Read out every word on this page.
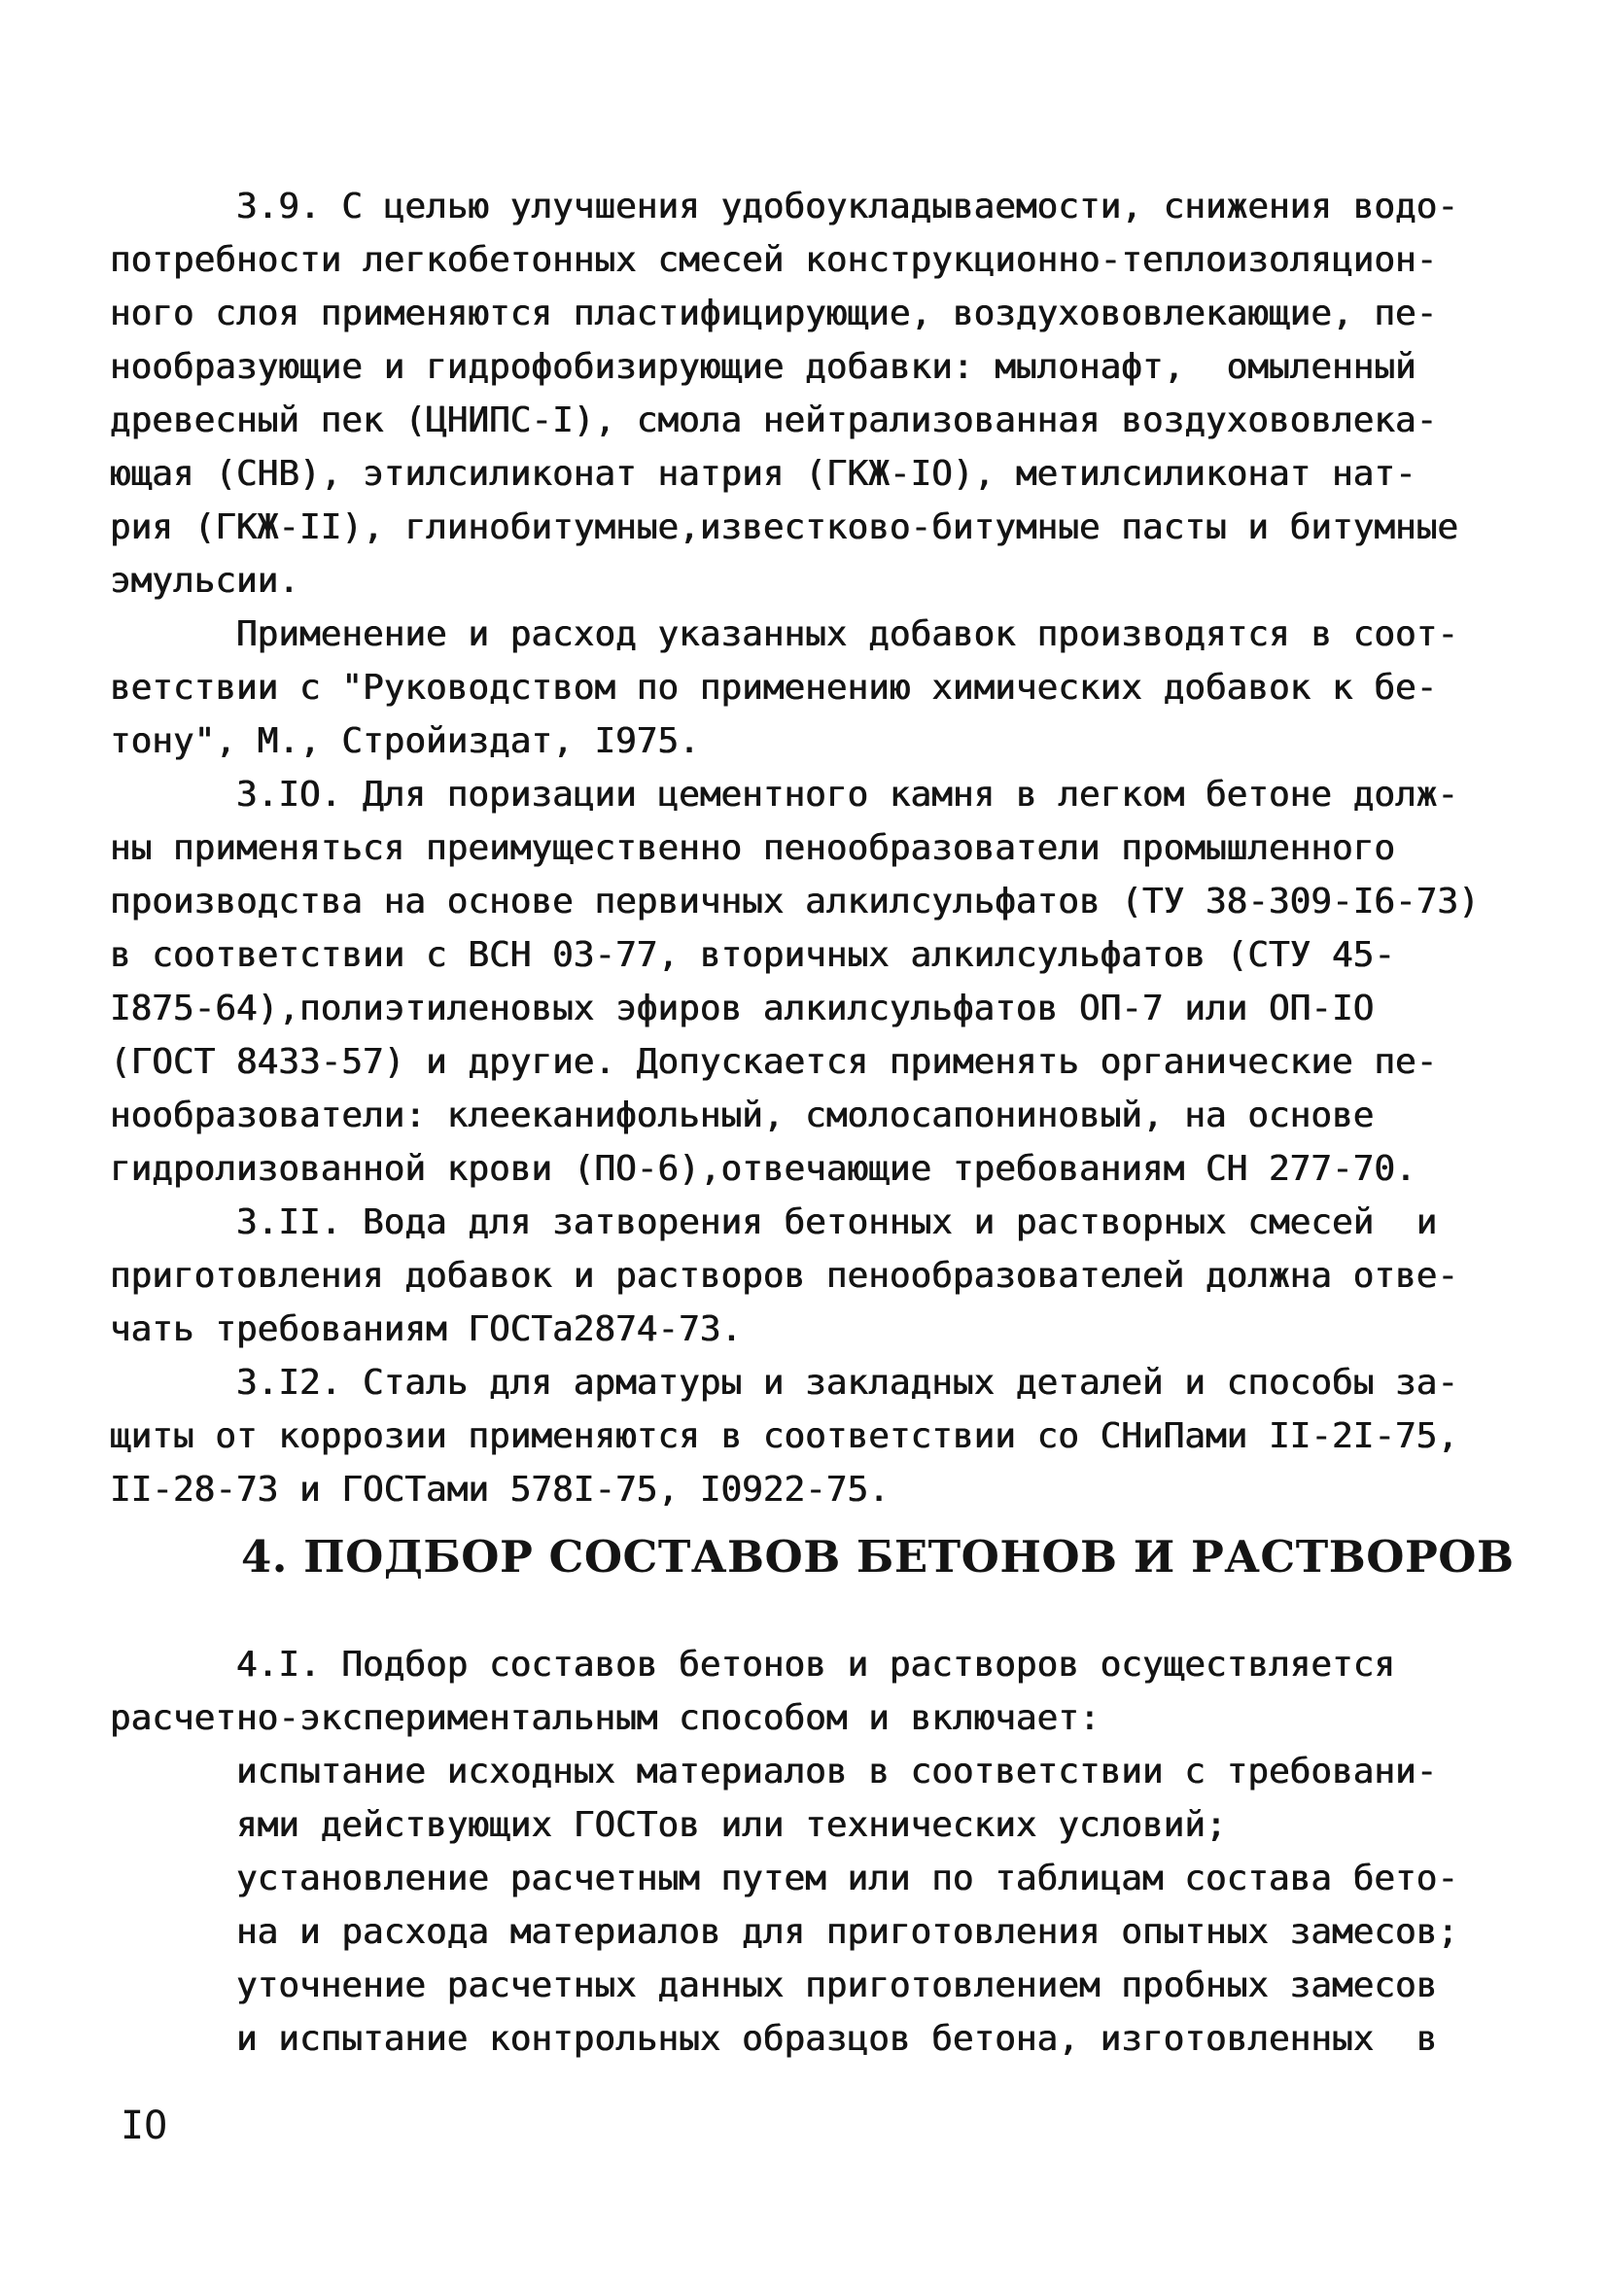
3.9. С целью улучшения удобоукладываемости, снижения водо-
потребности легкобетонных смесей конструкционно-теплоизоляцион-
ного слоя применяются пластифицирующие, воздухововлекающие, пе-
нообразующие и гидрофобизирующие добавки: мылонафт,  омыленный
древесный пек (ЦНИПС-I), смола нейтрализованная воздухововлека-
ющая (СНВ), этилсиликонат натрия (ГКЖ-IO), метилсиликонат нат-
рия (ГКЖ-II), глинобитумные,известково-битумные пасты и битумные
эмульсии.
Применение и расход указанных добавок производятся в соот-
ветствии с "Руководством по применению химических добавок к бе-
тону", М., Стройиздат, I975.
3.IO. Для поризации цементного камня в легком бетоне долж-
ны применяться преимущественно пенообразователи промышленного
производства на основе первичных алкилсульфатов (ТУ 38-309-I6-73)
в соответствии с ВСН 03-77, вторичных алкилсульфатов (СТУ 45-
I875-64),полиэтиленовых эфиров алкилсульфатов ОП-7 или ОП-IO
(ГОСТ 8433-57) и другие. Допускается применять органические пе-
нообразователи: клееканифольный, смолосапониновый, на основе
гидролизованной крови (ПО-6),отвечающие требованиям СН 277-70.
3.II. Вода для затворения бетонных и растворных смесей  и
приготовления добавок и растворов пенообразователей должна отве-
чать требованиям ГОСТа2874-73.
3.I2. Сталь для арматуры и закладных деталей и способы за-
щиты от коррозии применяются в соответствии со СНиПами II-2I-75,
II-28-73 и ГОСТами 578I-75, I0922-75.
4. ПОДБОР СОСТАВОВ БЕТОНОВ И РАСТВОРОВ
4.I. Подбор составов бетонов и растворов осуществляется
расчетно-экспериментальным способом и включает:
испытание исходных материалов в соответствии с требовани-
ями действующих ГОСТов или технических условий;
установление расчетным путем или по таблицам состава бето-
на и расхода материалов для приготовления опытных замесов;
уточнение расчетных данных приготовлением пробных замесов
и испытание контрольных образцов бетона, изготовленных  в
IO
